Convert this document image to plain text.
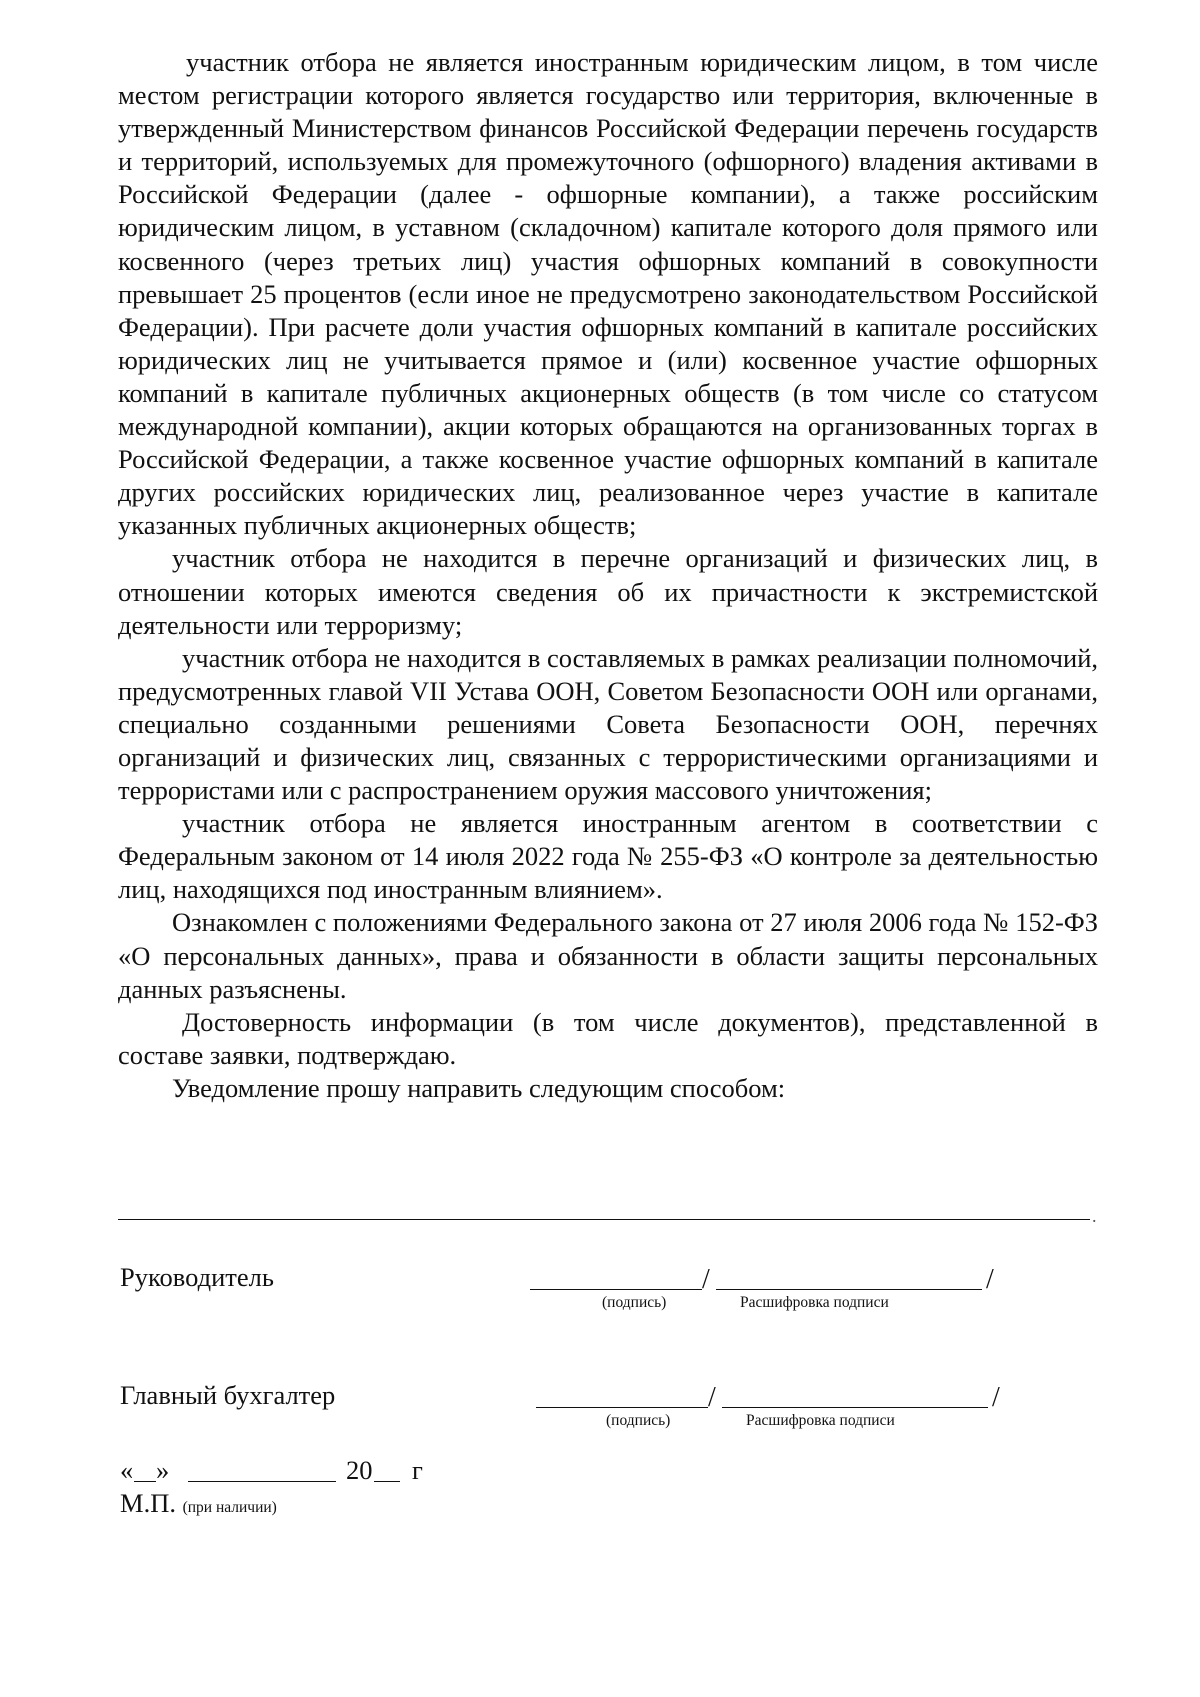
участник отбора не является иностранным юридическим лицом, в том числе местом регистрации которого является государство или территория, включенные в утвержденный Министерством финансов Российской Федерации перечень государств и территорий, используемых для промежуточного (офшорного) владения активами в Российской Федерации (далее - офшорные компании), а также российским юридическим лицом, в уставном (складочном) капитале которого доля прямого или косвенного (через третьих лиц) участия офшорных компаний в совокупности превышает 25 процентов (если иное не предусмотрено законодательством Российской Федерации). При расчете доли участия офшорных компаний в капитале российских юридических лиц не учитывается прямое и (или) косвенное участие офшорных компаний в капитале публичных акционерных обществ (в том числе со статусом международной компании), акции которых обращаются на организованных торгах в Российской Федерации, а также косвенное участие офшорных компаний в капитале других российских юридических лиц, реализованное через участие в капитале указанных публичных акционерных обществ;

участник отбора не находится в перечне организаций и физических лиц, в отношении которых имеются сведения об их причастности к экстремистской деятельности или терроризму;

участник отбора не находится в составляемых в рамках реализации полномочий, предусмотренных главой VII Устава ООН, Советом Безопасности ООН или органами, специально созданными решениями Совета Безопасности ООН, перечнях организаций и физических лиц, связанных с террористическими организациями и террористами или с распространением оружия массового уничтожения;

участник отбора не является иностранным агентом в соответствии с Федеральным законом от 14 июля 2022 года № 255-ФЗ «О контроле за деятельностью лиц, находящихся под иностранным влиянием».

Ознакомлен с положениями Федерального закона от 27 июля 2006 года № 152-ФЗ «О персональных данных», права и обязанности в области защиты персональных данных разъяснены.

Достоверность информации (в том числе документов), представленной в составе заявки, подтверждаю.

Уведомление прошу направить следующим способом:

.
Руководитель	/	/
(подпись)	Расшифровка подписи
Главный бухгалтер	/	/
(подпись)	Расшифровка подписи
« »	20 г
М.П. (при наличии)
